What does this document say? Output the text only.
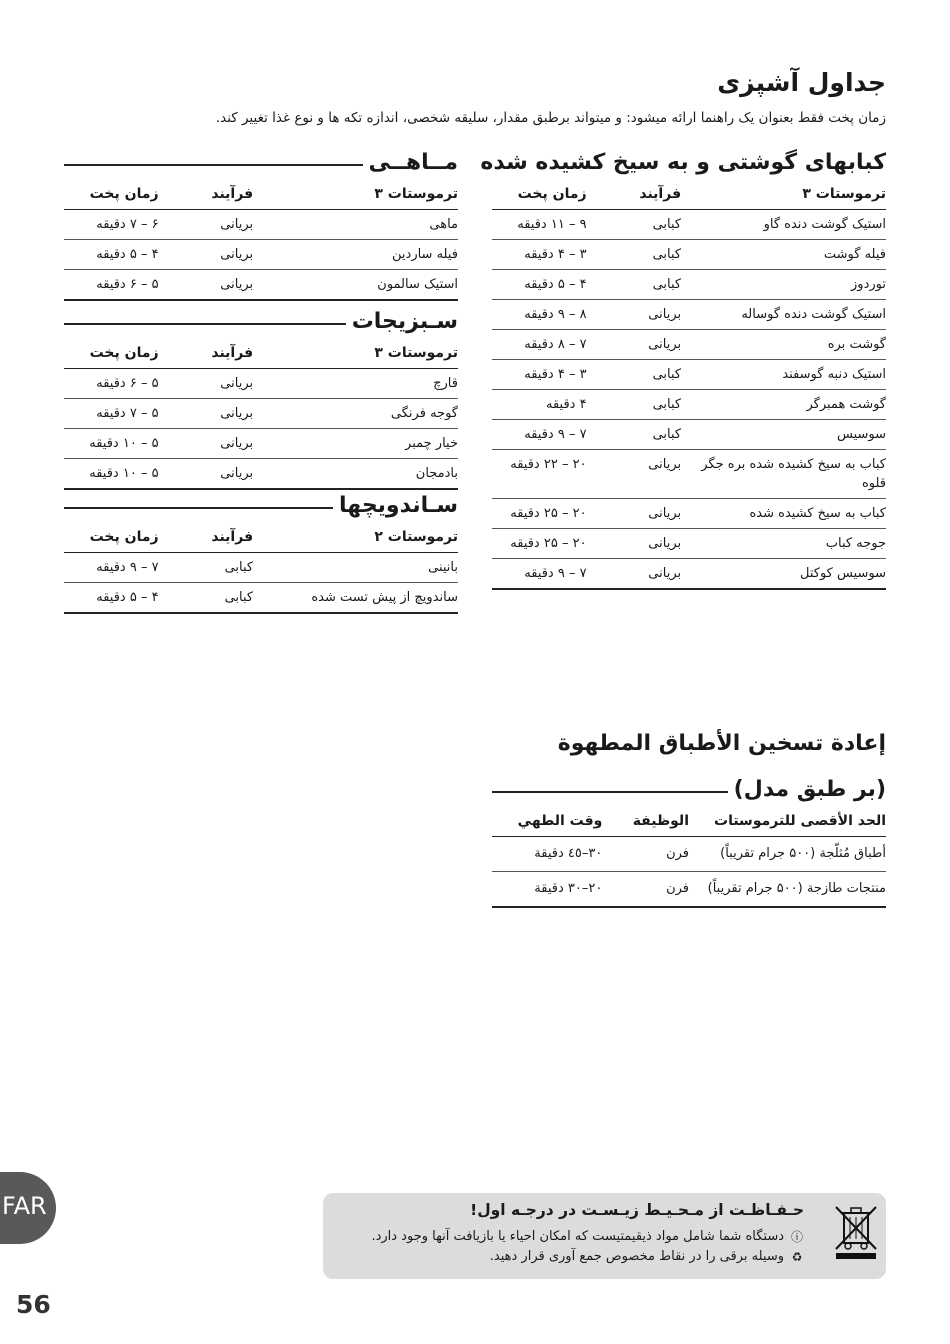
جداول آشپزی
زمان پخت فقط بعنوان یک راهنما ارائه میشود: و میتواند برطبق مقدار، سلیقه شخصی، اندازه تکه ها و نوع غذا تغییر کند.
کبابهای گوشتی و به سیخ کشیده شده
ترموستات ۳	فرآیند	زمان پخت
استیک گوشت دنده گاو	کبابی	۹ – ۱۱ دقیقه
فیله گوشت	کبابی	۳ – ۴ دقیقه
توردوز	کبابی	۴ – ۵ دقیقه
استیک گوشت دنده گوساله	بریانی	۸ – ۹ دقیقه
گوشت بره	بریانی	۷ – ۸ دقیقه
استیک دنبه گوسفند	کبابی	۳ – ۴ دقیقه
گوشت همبرگر	کبابی	۴ دقیقه
سوسیس	کبابی	۷ – ۹ دقیقه
کباب به سیخ کشیده شده بره جگر قلوه	بریانی	۲۰ – ۲۲ دقیقه
کباب به سیخ کشیده شده	بریانی	۲۰ – ۲۵ دقیقه
جوجه کباب	بریانی	۲۰ – ۲۵ دقیقه
سوسیس کوکتل	بریانی	۷ – ۹ دقیقه
مــاهــی
ترموستات ۳	فرآیند	زمان پخت
ماهی	بریانی	۶ – ۷ دقیقه
فیله ساردین	بریانی	۴ – ۵ دقیقه
استیک سالمون	بریانی	۵ – ۶ دقیقه
سـبزیجات
ترموستات ۳	فرآیند	زمان پخت
قارچ	بریانی	۵ – ۶ دقیقه
گوجه فرنگی	بریانی	۵ – ۷ دقیقه
خیار چمبر	بریانی	۵ – ۱۰ دقیقه
بادمجان	بریانی	۵ – ۱۰ دقیقه
سـاندویچها
ترموستات ۲	فرآیند	زمان پخت
بانینی	کبابی	۷ – ۹ دقیقه
ساندویچ از پیش تست شده	کبابی	۴ – ۵ دقیقه
إعادة تسخين الأطباق المطهوة
(بر طبق مدل)
الحد الأقصى للترموستات	الوظيفة	وقت الطهي
أطباق مُثلّجة (۵۰۰ جرام تقريباً)	فرن	۳۰–٤٥ دقيقة
منتجات طازجة (۵۰۰ جرام تقريباً)	فرن	۲۰–۳۰ دقيقة
حـفـاظـت از مـحـیـط زیـسـت در درجـه اول!
ⓘ
دستگاه شما شامل مواد ذیقیمتیست که امکان احیاء یا بازیافت آنها وجود دارد.
♻
وسیله برقی را در نقاط مخصوص جمع آوری قرار دهید.
FAR
56
